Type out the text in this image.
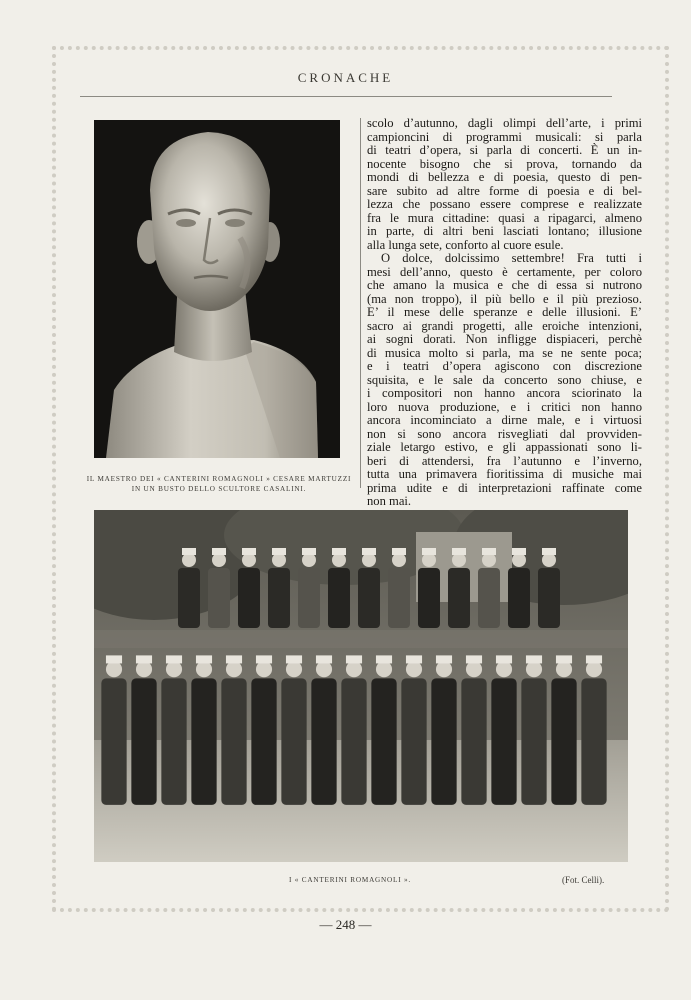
CRONACHE
IL MAESTRO DEI « CANTERINI ROMAGNOLI » CESARE MARTUZZI
IN UN BUSTO DELLO SCULTORE CASALINI.
scolo d’autunno, dagli olimpi dell’arte, i primi
campioncini di programmi musicali: si parla
di teatri d’opera, si parla di concerti. È un in-
nocente bisogno che si prova, tornando da
mondi di bellezza e di poesia, questo di pen-
sare subito ad altre forme di poesia e di bel-
lezza che possano essere comprese e realizzate
fra le mura cittadine: quasi a ripagarci, almeno
in parte, di altri beni lasciati lontano; illusione
alla lunga sete, conforto al cuore esule.
O dolce, dolcissimo settembre! Fra tutti i
mesi dell’anno, questo è certamente, per coloro
che amano la musica e che di essa si nutrono
(ma non troppo), il più bello e il più prezioso.
E’ il mese delle speranze e delle illusioni. E’
sacro ai grandi progetti, alle eroiche intenzioni,
ai sogni dorati. Non infligge dispiaceri, perchè
di musica molto si parla, ma se ne sente poca;
e i teatri d’opera agiscono con discrezione
squisita, e le sale da concerto sono chiuse, e
i compositori non hanno ancora sciorinato la
loro nuova produzione, e i critici non hanno
ancora incominciato a dirne male, e i virtuosi
non si sono ancora risvegliati dal provviden-
ziale letargo estivo, e gli appassionati sono li-
beri di attendersi, fra l’autunno e l’inverno,
tutta una primavera fioritissima di musiche mai
prima udite e di interpretazioni raffinate come
non mai.
I « CANTERINI ROMAGNOLI ».	(Fot. Celli).
— 248 —
